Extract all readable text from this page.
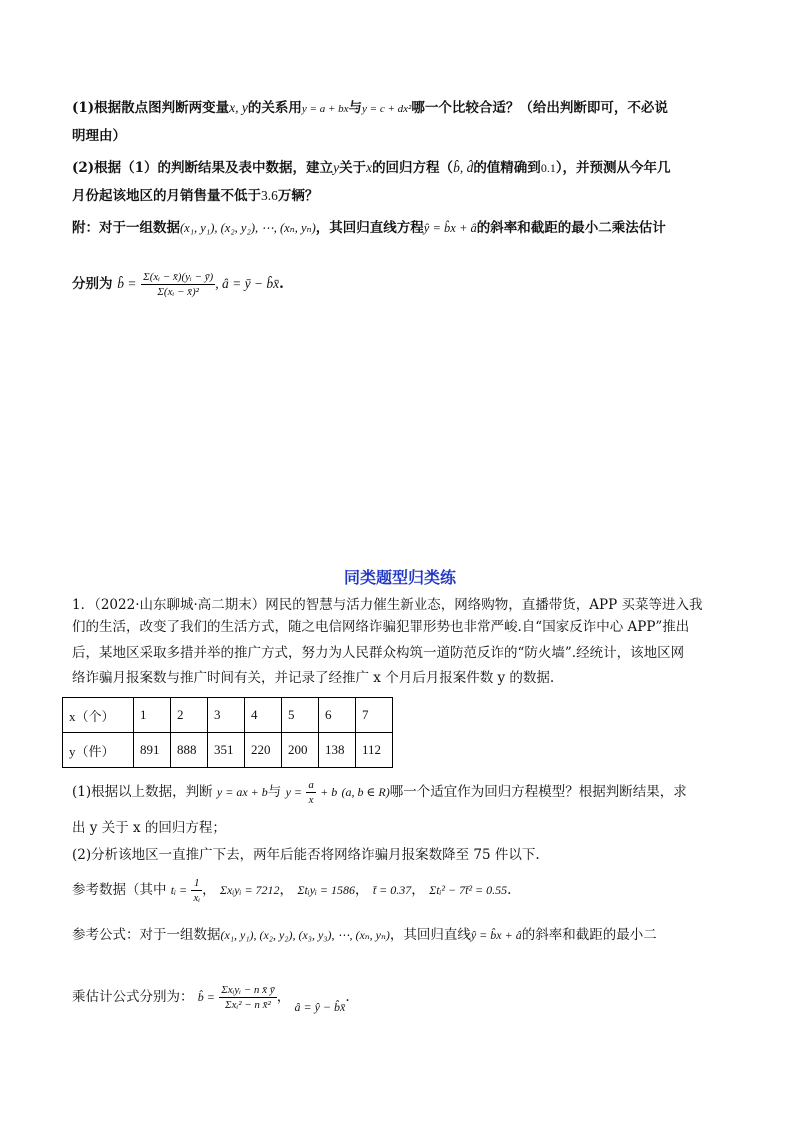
(1)根据散点图判断两变量x, y的关系用y = a + bx与y = c + dx²哪一个比较合适？（给出判断即可，不必说
明理由）
(2)根据（1）的判断结果及表中数据，建立y关于x的回归方程（b̂, d̂的值精确到0.1），并预测从今年几
月份起该地区的月销售量不低于3.6万辆？
附：对于一组数据(x₁, y₁), (x₂, y₂), ⋯, (xₙ, yₙ)，其回归直线方程ŷ = b̂x + â的斜率和截距的最小二乘法估计
分别为 b̂ = $\frac{\text{Σ(xᵢ − x̄)(yᵢ − ȳ)}}{\text{Σ(xᵢ − x̄)²}}$ , â = ȳ − b̂x̄.
同类题型归类练
1．（2022·山东聊城·高二期末）网民的智慧与活力催生新业态，网络购物，直播带货，APP 买菜等进入我
们的生活，改变了我们的生活方式，随之电信网络诈骗犯罪形势也非常严峻.自“国家反诈中心 APP”推出
后，某地区采取多措并举的推广方式，努力为人民群众构筑一道防范反诈的“防火墙”.经统计，该地区网
络诈骗月报案数与推广时间有关，并记录了经推广 x 个月后月报案件数 y 的数据.
x（个）	1	2	3	4	5	6	7
y（件）	891	888	351	220	200	138	112
(1)根据以上数据，判断 y = ax + b与 $y = \frac{a}{x} + b$ (a, b ∈ R)哪一个适宜作为回归方程模型？根据判断结果，求
出 y 关于 x 的回归方程；
(2)分析该地区一直推广下去，两年后能否将网络诈骗月报案数降至 75 件以下.
参考数据（其中 tᵢ = $\frac{1}{\text{xᵢ}}$ ， Σxᵢyᵢ = 7212， Σtᵢyᵢ = 1586， t̄ = 0.37， Σtᵢ² − 7t̄² = 0.55.
参考公式：对于一组数据(x₁, y₁), (x₂, y₂), (x₃, y₃), ⋯, (xₙ, yₙ)，其回归直线ŷ = b̂x + â的斜率和截距的最小二
乘估计公式分别为： b̂ = $\frac{\text{Σxᵢyᵢ − n x̄ ȳ}}{\text{Σxᵢ² − n x̄²}}$ ， â = ŷ − b̂x̄.
